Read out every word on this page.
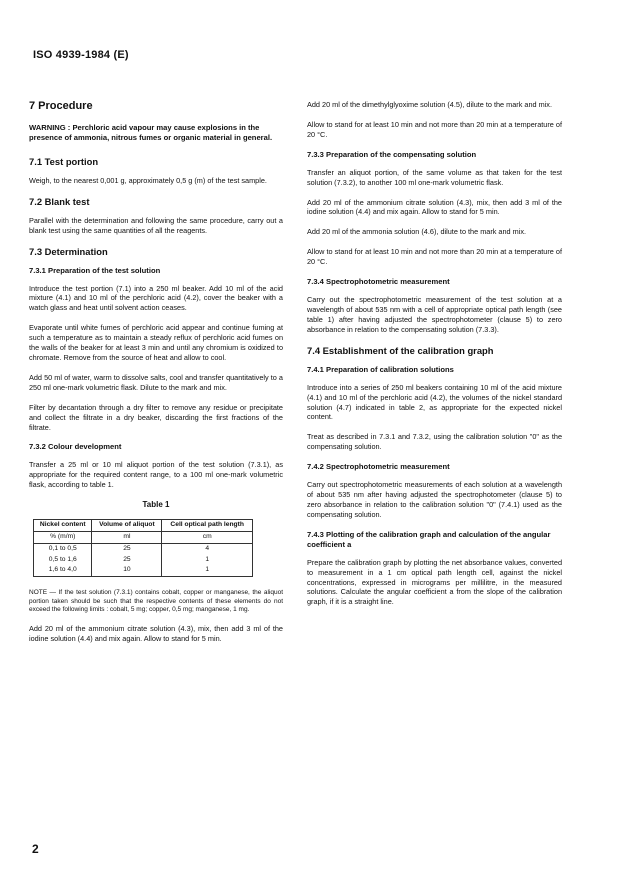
ISO 4939-1984 (E)
7 Procedure
WARNING : Perchloric acid vapour may cause explosions in the presence of ammonia, nitrous fumes or organic material in general.
7.1 Test portion

Weigh, to the nearest 0,001 g, approximately 0,5 g (m) of the test sample.

7.2 Blank test

Parallel with the determination and following the same procedure, carry out a blank test using the same quantities of all the reagents.

7.3 Determination
7.3.1 Preparation of the test solution

Introduce the test portion (7.1) into a 250 ml beaker. Add 10 ml of the acid mixture (4.1) and 10 ml of the perchloric acid (4.2), cover the beaker with a watch glass and heat until solvent action ceases.

Evaporate until white fumes of perchloric acid appear and continue fuming at such a temperature as to maintain a steady reflux of perchloric acid fumes on the walls of the beaker for at least 3 min and until any chromium is oxidized to chromate. Remove from the source of heat and allow to cool.

Add 50 ml of water, warm to dissolve salts, cool and transfer quantitatively to a 250 ml one-mark volumetric flask. Dilute to the mark and mix.

Filter by decantation through a dry filter to remove any residue or precipitate and collect the filtrate in a dry beaker, discarding the first fractions of the filtrate.

7.3.2 Colour development

Transfer a 25 ml or 10 ml aliquot portion of the test solution (7.3.1), as appropriate for the required content range, to a 100 ml one-mark volumetric flask, according to table 1.

Table 1
Nickel content	Volume of aliquot	Cell optical path length
% (m/m)	ml	cm
0,1 to 0,5	25	4
0,5 to 1,6	25	1
1,6 to 4,0	10	1
NOTE — If the test solution (7.3.1) contains cobalt, copper or manganese, the aliquot portion taken should be such that the respective contents of these elements do not exceed the following limits : cobalt, 5 mg; copper, 0,5 mg; manganese, 1 mg.

Add 20 ml of the ammonium citrate solution (4.3), mix, then add 3 ml of the iodine solution (4.4) and mix again. Allow to stand for 5 min.

Add 20 ml of the dimethylglyoxime solution (4.5), dilute to the mark and mix.

Allow to stand for at least 10 min and not more than 20 min at a temperature of 20 °C.

7.3.3 Preparation of the compensating solution

Transfer an aliquot portion, of the same volume as that taken for the test solution (7.3.2), to another 100 ml one-mark volumetric flask.

Add 20 ml of the ammonium citrate solution (4.3), mix, then add 3 ml of the iodine solution (4.4) and mix again. Allow to stand for 5 min.

Add 20 ml of the ammonia solution (4.6), dilute to the mark and mix.

Allow to stand for at least 10 min and not more than 20 min at a temperature of 20 °C.

7.3.4 Spectrophotometric measurement

Carry out the spectrophotometric measurement of the test solution at a wavelength of about 535 nm with a cell of appropriate optical path length (see table 1) after having adjusted the spectrophotometer (clause 5) to zero absorbance in relation to the compensating solution (7.3.3).

7.4 Establishment of the calibration graph
7.4.1 Preparation of calibration solutions

Introduce into a series of 250 ml beakers containing 10 ml of the acid mixture (4.1) and 10 ml of the perchloric acid (4.2), the volumes of the nickel standard solution (4.7) indicated in table 2, as appropriate for the expected nickel content.

Treat as described in 7.3.1 and 7.3.2, using the calibration solution "0" as the compensating solution.

7.4.2 Spectrophotometric measurement

Carry out spectrophotometric measurements of each solution at a wavelength of about 535 nm after having adjusted the spectrophotometer (clause 5) to zero absorbance in relation to the calibration solution "0" (7.4.1) used as the compensating solution.

7.4.3 Plotting of the calibration graph and calculation of the angular coefficient a

Prepare the calibration graph by plotting the net absorbance values, converted to measurement in a 1 cm optical path length cell, against the nickel concentrations, expressed in micrograms per millilitre, in the measured solutions. Calculate the angular coefficient a from the slope of the calibration graph, if it is a straight line.

2
